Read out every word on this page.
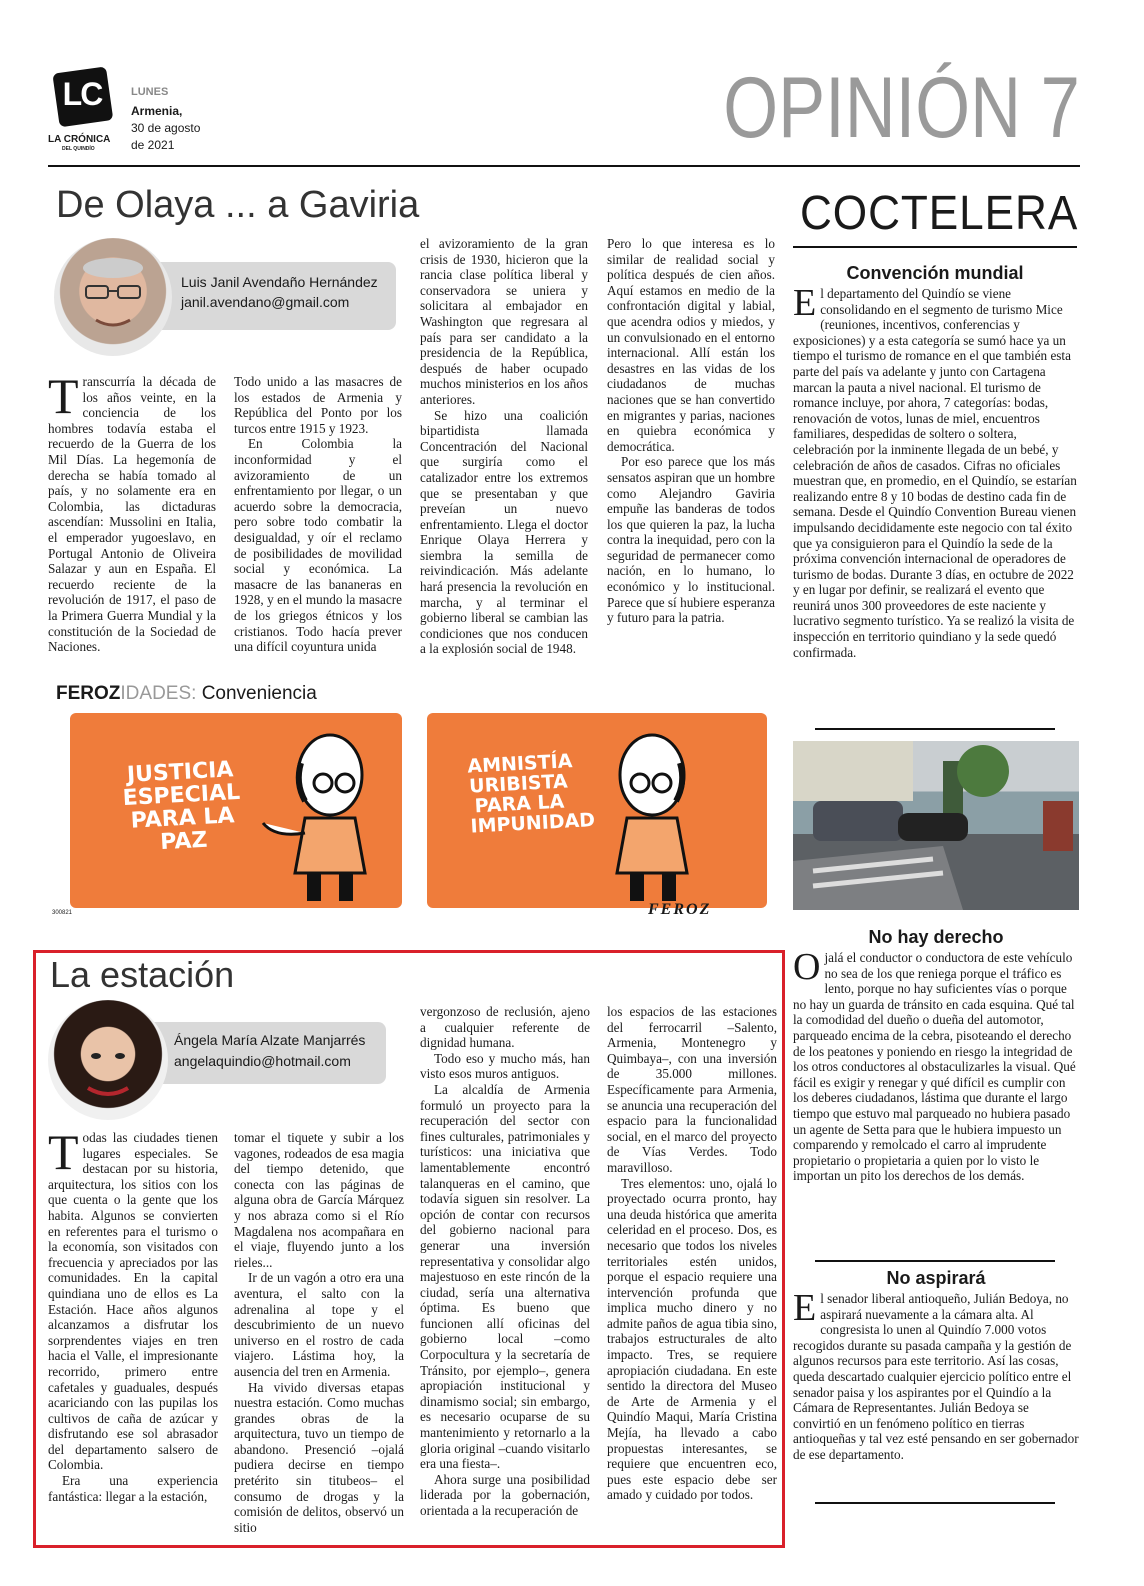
LC
LA CRÓNICA
DEL QUINDÍO
LUNES
Armenia,
30 de agosto
de 2021	OPINIÓN 7
De Olaya ... a Gaviria
Luis Janil Avendaño Hernández
janil.avendano@gmail.com

Transcurría la década de los años veinte, en la conciencia de los hombres todavía estaba el recuerdo de la Guerra de los Mil Días. La hegemonía de derecha se había tomado al país, y no solamente era en Colombia, las dictaduras ascendían: Mussolini en Italia, el emperador yugoeslavo, en Portugal Antonio de Oliveira Salazar y aun en España. El recuerdo reciente de la revolución de 1917, el paso de la Primera Guerra Mundial y la constitución de la Sociedad de Naciones.

Todo unido a las masacres de los estados de Armenia y República del Ponto por los turcos entre 1915 y 1923.

En Colombia la inconformidad y el avizoramiento de un enfrentamiento por llegar, o un acuerdo sobre la democracia, pero sobre todo combatir la desigualdad, y oír el reclamo de posibilidades de movilidad social y económica. La masacre de las bananeras en 1928, y en el mundo la masacre de los griegos étnicos y los cristianos. Todo hacía prever una difícil coyuntura unida

el avizoramiento de la gran crisis de 1930, hicieron que la rancia clase política liberal y conservadora se uniera y solicitara al embajador en Washington que regresara al país para ser candidato a la presidencia de la República, después de haber ocupado muchos ministerios en los años anteriores.

Se hizo una coalición bipartidista llamada Concentración del Nacional que surgiría como el catalizador entre los extremos que se presentaban y que preveían un nuevo enfrentamiento. Llega el doctor Enrique Olaya Herrera y siembra la semilla de reivindicación. Más adelante hará presencia la revolución en marcha, y al terminar el gobierno liberal se cambian las condiciones que nos conducen a la explosión social de 1948.

Pero lo que interesa es lo similar de realidad social y política después de cien años. Aquí estamos en medio de la confrontación digital y labial, que acendra odios y miedos, y un convulsionado en el entorno internacional. Allí están los desastres en las vidas de los ciudadanos de muchas naciones que se han convertido en migrantes y parias, naciones en quiebra económica y democrática.

Por eso parece que los más sensatos aspiran que un hombre como Alejandro Gaviria empuñe las banderas de todos los que quieren la paz, la lucha contra la inequidad, pero con la seguridad de permanecer como nación, en lo humano, lo económico y lo institucional. Parece que sí hubiere esperanza y futuro para la patria.

FEROZIDADES: Conveniencia
JUSTICIA ESPECIAL PARA LA PAZ
AMNISTÍA URIBISTA PARA LA IMPUNIDAD
300821	FEROZ
La estación
Ángela María Alzate Manjarrés
angelaquindio@hotmail.com

Todas las ciudades tienen lugares especiales. Se destacan por su historia, arquitectura, los sitios con los que cuenta o la gente que los habita. Algunos se convierten en referentes para el turismo o la economía, son visitados con frecuencia y apreciados por las comunidades. En la capital quindiana uno de ellos es La Estación. Hace años algunos alcanzamos a disfrutar los sorprendentes viajes en tren hacia el Valle, el impresionante recorrido, primero entre cafetales y guaduales, después acariciando con las pupilas los cultivos de caña de azúcar y disfrutando ese sol abrasador del departamento salsero de Colombia.

Era una experiencia fantástica: llegar a la estación,

tomar el tiquete y subir a los vagones, rodeados de esa magia del tiempo detenido, que conecta con las páginas de alguna obra de García Márquez y nos abraza como si el Río Magdalena nos acompañara en el viaje, fluyendo junto a los rieles...

Ir de un vagón a otro era una aventura, el salto con la adrenalina al tope y el descubrimiento de un nuevo universo en el rostro de cada viajero. Lástima hoy, la ausencia del tren en Armenia.

Ha vivido diversas etapas nuestra estación. Como muchas grandes obras de la arquitectura, tuvo un tiempo de abandono. Presenció –ojalá pudiera decirse en tiempo pretérito sin titubeos– el consumo de drogas y la comisión de delitos, observó un sitio

vergonzoso de reclusión, ajeno a cualquier referente de dignidad humana.

Todo eso y mucho más, han visto esos muros antiguos.

La alcaldía de Armenia formuló un proyecto para la recuperación del sector con fines culturales, patrimoniales y turísticos: una iniciativa que lamentablemente encontró talanqueras en el camino, que todavía siguen sin resolver. La opción de contar con recursos del gobierno nacional para generar una inversión representativa y consolidar algo majestuoso en este rincón de la ciudad, sería una alternativa óptima. Es bueno que funcionen allí oficinas del gobierno local –como Corpocultura y la secretaría de Tránsito, por ejemplo–, genera apropiación institucional y dinamismo social; sin embargo, es necesario ocuparse de su mantenimiento y retornarlo a la gloria original –cuando visitarlo era una fiesta–.

Ahora surge una posibilidad liderada por la gobernación, orientada a la recuperación de

los espacios de las estaciones del ferrocarril –Salento, Armenia, Montenegro y Quimbaya–, con una inversión de 35.000 millones. Específicamente para Armenia, se anuncia una recuperación del espacio para la funcionalidad social, en el marco del proyecto de Vías Verdes. Todo maravilloso.

Tres elementos: uno, ojalá lo proyectado ocurra pronto, hay una deuda histórica que amerita celeridad en el proceso. Dos, es necesario que todos los niveles territoriales estén unidos, porque el espacio requiere una intervención profunda que implica mucho dinero y no admite paños de agua tibia sino, trabajos estructurales de alto impacto. Tres, se requiere apropiación ciudadana. En este sentido la directora del Museo de Arte de Armenia y el Quindío Maqui, María Cristina Mejía, ha llevado a cabo propuestas interesantes, se requiere que encuentren eco, pues este espacio debe ser amado y cuidado por todos.

COCTELERA
Convención mundial
El departamento del Quindío se viene consolidando en el segmento de turismo Mice (reuniones, incentivos, conferencias y exposiciones) y a esta categoría se sumó hace ya un tiempo el turismo de romance en el que también esta parte del país va adelante y junto con Cartagena marcan la pauta a nivel nacional. El turismo de romance incluye, por ahora, 7 categorías: bodas, renovación de votos, lunas de miel, encuentros familiares, despedidas de soltero o soltera, celebración por la inminente llegada de un bebé, y celebración de años de casados. Cifras no oficiales muestran que, en promedio, en el Quindío, se estarían realizando entre 8 y 10 bodas de destino cada fin de semana. Desde el Quindío Convention Bureau vienen impulsando decididamente este negocio con tal éxito que ya consiguieron para el Quindío la sede de la próxima convención internacional de operadores de turismo de bodas. Durante 3 días, en octubre de 2022 y en lugar por definir, se realizará el evento que reunirá unos 300 proveedores de este naciente y lucrativo segmento turístico. Ya se realizó la visita de inspección en territorio quindiano y la sede quedó confirmada.
No hay derecho
Ojalá el conductor o conductora de este vehículo no sea de los que reniega porque el tráfico es lento, porque no hay suficientes vías o porque no hay un guarda de tránsito en cada esquina. Qué tal la comodidad del dueño o dueña del automotor, parqueado encima de la cebra, pisoteando el derecho de los peatones y poniendo en riesgo la integridad de los otros conductores al obstaculizarles la visual. Qué fácil es exigir y renegar y qué difícil es cumplir con los deberes ciudadanos, lástima que durante el largo tiempo que estuvo mal parqueado no hubiera pasado un agente de Setta para que le hubiera impuesto un comparendo y remolcado el carro al imprudente propietario o propietaria a quien por lo visto le importan un pito los derechos de los demás.
No aspirará
El senador liberal antioqueño, Julián Bedoya, no aspirará nuevamente a la cámara alta. Al congresista lo unen al Quindío 7.000 votos recogidos durante su pasada campaña y la gestión de algunos recursos para este territorio. Así las cosas, queda descartado cualquier ejercicio político entre el senador paisa y los aspirantes por el Quindío a la Cámara de Representantes. Julián Bedoya se convirtió en un fenómeno político en tierras antioqueñas y tal vez esté pensando en ser gobernador de ese departamento.
